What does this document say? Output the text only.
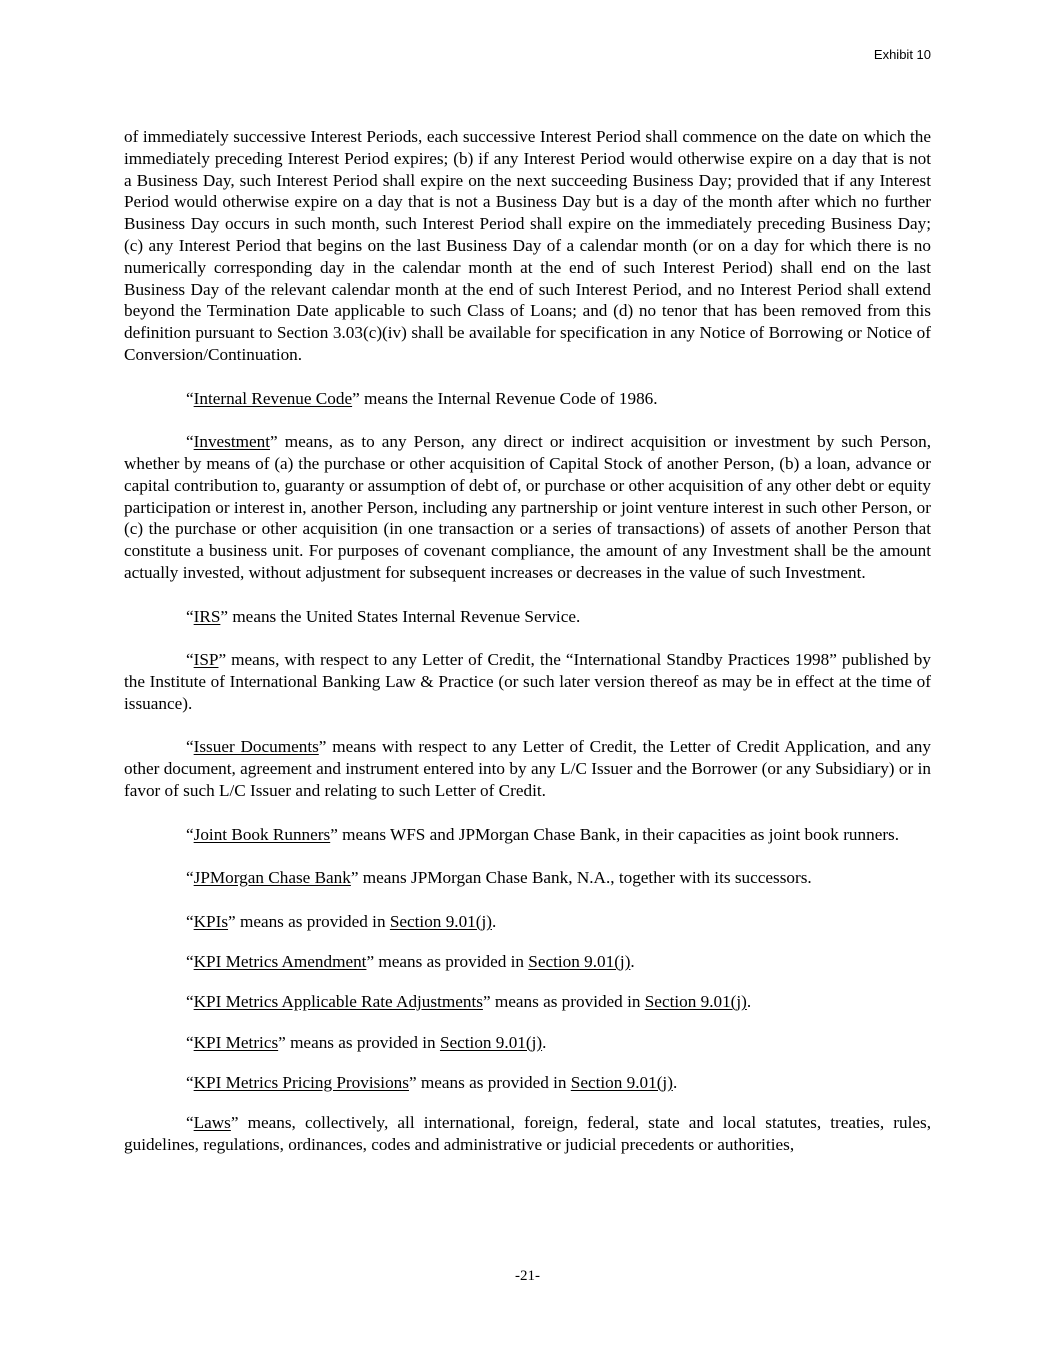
Exhibit 10

of immediately successive Interest Periods, each successive Interest Period shall commence on the date on which the immediately preceding Interest Period expires; (b) if any Interest Period would otherwise expire on a day that is not a Business Day, such Interest Period shall expire on the next succeeding Business Day; provided that if any Interest Period would otherwise expire on a day that is not a Business Day but is a day of the month after which no further Business Day occurs in such month, such Interest Period shall expire on the immediately preceding Business Day; (c) any Interest Period that begins on the last Business Day of a calendar month (or on a day for which there is no numerically corresponding day in the calendar month at the end of such Interest Period) shall end on the last Business Day of the relevant calendar month at the end of such Interest Period, and no Interest Period shall extend beyond the Termination Date applicable to such Class of Loans; and (d) no tenor that has been removed from this definition pursuant to Section 3.03(c)(iv) shall be available for specification in any Notice of Borrowing or Notice of Conversion/Continuation.

“Internal Revenue Code” means the Internal Revenue Code of 1986.

“Investment” means, as to any Person, any direct or indirect acquisition or investment by such Person, whether by means of (a) the purchase or other acquisition of Capital Stock of another Person, (b) a loan, advance or capital contribution to, guaranty or assumption of debt of, or purchase or other acquisition of any other debt or equity participation or interest in, another Person, including any partnership or joint venture interest in such other Person, or (c) the purchase or other acquisition (in one transaction or a series of transactions) of assets of another Person that constitute a business unit. For purposes of covenant compliance, the amount of any Investment shall be the amount actually invested, without adjustment for subsequent increases or decreases in the value of such Investment.

“IRS” means the United States Internal Revenue Service.

“ISP” means, with respect to any Letter of Credit, the “International Standby Practices 1998” published by the Institute of International Banking Law & Practice (or such later version thereof as may be in effect at the time of issuance).

“Issuer Documents” means with respect to any Letter of Credit, the Letter of Credit Application, and any other document, agreement and instrument entered into by any L/C Issuer and the Borrower (or any Subsidiary) or in favor of such L/C Issuer and relating to such Letter of Credit.

“Joint Book Runners” means WFS and JPMorgan Chase Bank, in their capacities as joint book runners.

“JPMorgan Chase Bank” means JPMorgan Chase Bank, N.A., together with its successors.

“KPIs” means as provided in Section 9.01(j).

“KPI Metrics Amendment” means as provided in Section 9.01(j).

“KPI Metrics Applicable Rate Adjustments” means as provided in Section 9.01(j).

“KPI Metrics” means as provided in Section 9.01(j).

“KPI Metrics Pricing Provisions” means as provided in Section 9.01(j).

“Laws” means, collectively, all international, foreign, federal, state and local statutes, treaties, rules, guidelines, regulations, ordinances, codes and administrative or judicial precedents or authorities,

-21-
